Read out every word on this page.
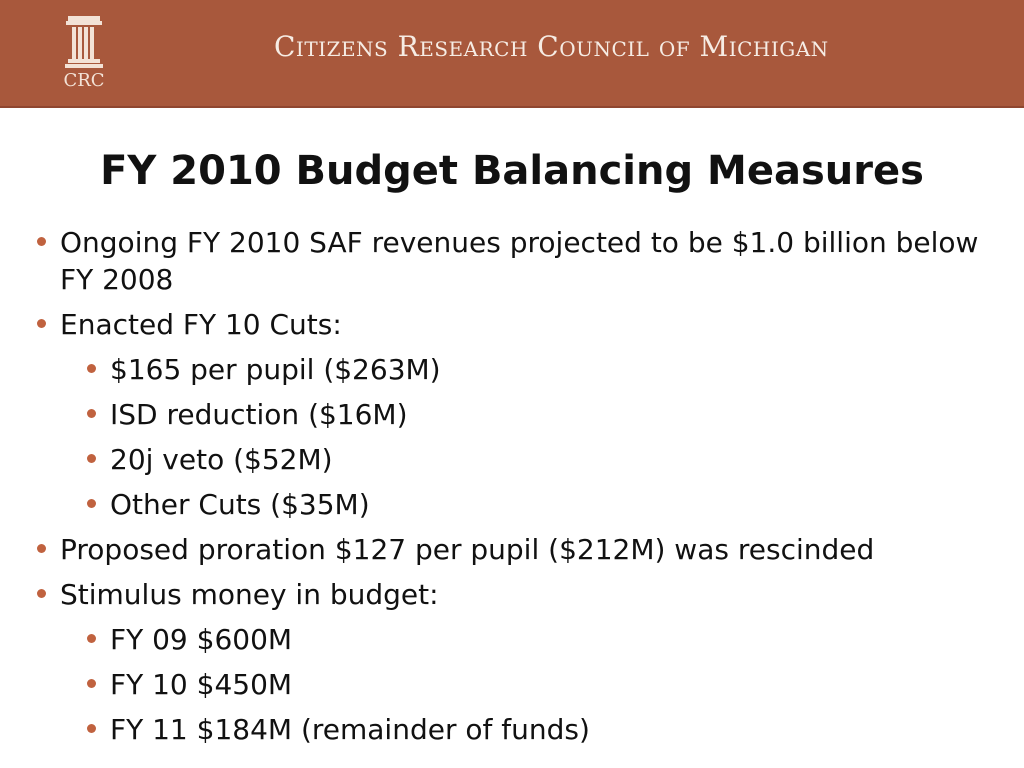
CRC
Citizens Research Council of Michigan
FY 2010 Budget Balancing Measures
Ongoing FY 2010 SAF revenues projected to be $1.0 billion below FY 2008
Enacted FY 10 Cuts:
$165 per pupil ($263M)
ISD reduction ($16M)
20j veto ($52M)
Other Cuts ($35M)
Proposed proration $127 per pupil ($212M) was rescinded
Stimulus money in budget:
FY 09 $600M
FY 10 $450M
FY 11 $184M (remainder of funds)
